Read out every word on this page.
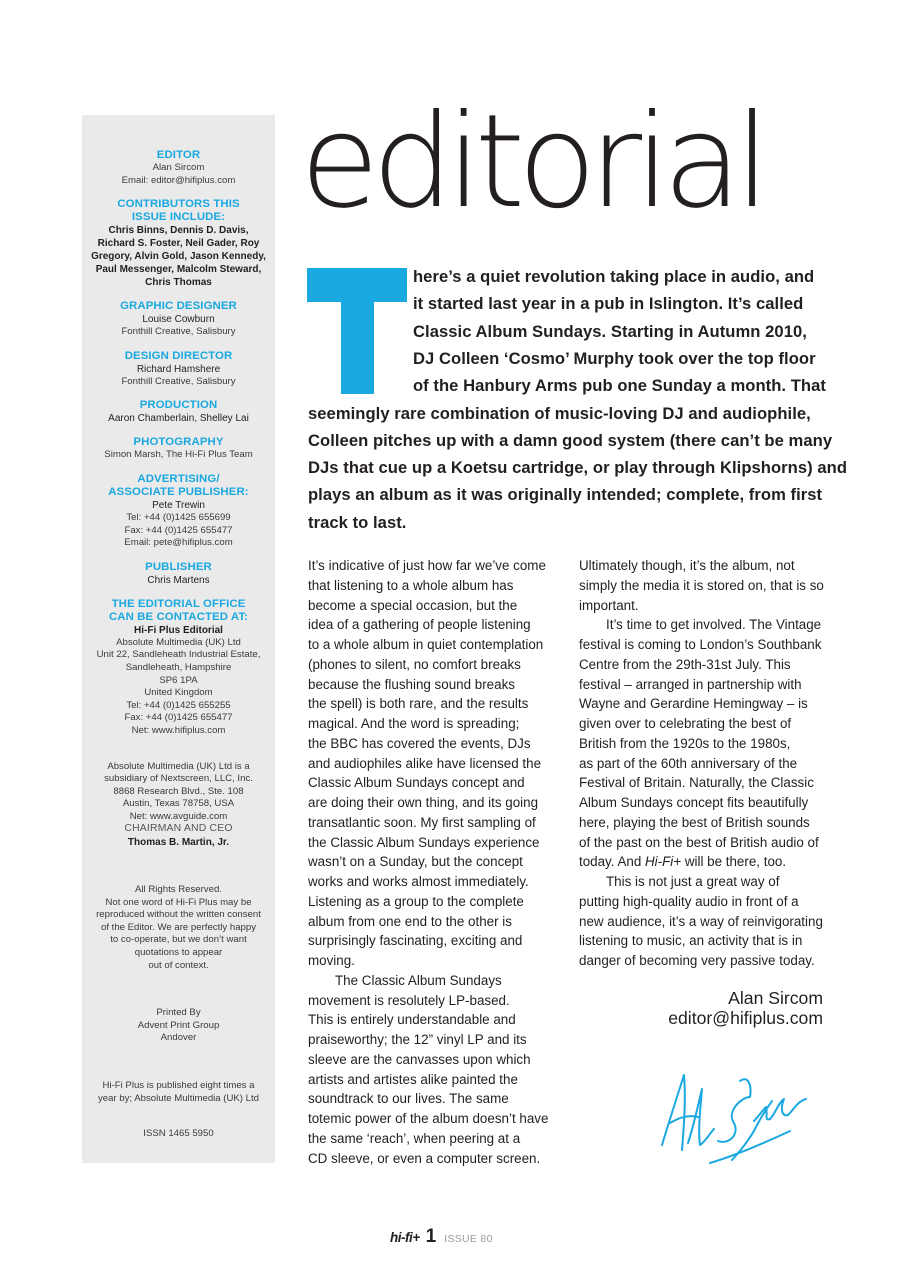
EDITOR
Alan Sircom
Email: editor@hifiplus.com
CONTRIBUTORS THIS
ISSUE INCLUDE:
Chris Binns, Dennis D. Davis,
Richard S. Foster, Neil Gader, Roy
Gregory, Alvin Gold, Jason Kennedy,
Paul Messenger, Malcolm Steward,
Chris Thomas
GRAPHIC DESIGNER
Louise Cowburn
Fonthill Creative, Salisbury
DESIGN DIRECTOR
Richard Hamshere
Fonthill Creative, Salisbury
PRODUCTION
Aaron Chamberlain, Shelley Lai
PHOTOGRAPHY
Simon Marsh, The Hi-Fi Plus Team
ADVERTISING/
ASSOCIATE PUBLISHER:
Pete Trewin
Tel: +44 (0)1425 655699
Fax: +44 (0)1425 655477
Email: pete@hifiplus.com
PUBLISHER
Chris Martens
THE EDITORIAL OFFICE
CAN BE CONTACTED AT:
Hi-Fi Plus Editorial
Absolute Multimedia (UK) Ltd
Unit 22, Sandleheath Industrial Estate,
Sandleheath, Hampshire
SP6 1PA
United Kingdom
Tel: +44 (0)1425 655255
Fax: +44 (0)1425 655477
Net: www.hifiplus.com
Absolute Multimedia (UK) Ltd is a
subsidiary of Nextscreen, LLC, Inc.
8868 Research Blvd., Ste. 108
Austin, Texas 78758, USA
Net: www.avguide.com
CHAIRMAN AND CEO
Thomas B. Martin, Jr.
All Rights Reserved.
Not one word of Hi-Fi Plus may be
reproduced without the written consent
of the Editor. We are perfectly happy
to co-operate, but we don’t want
quotations to appear
out of context.
Printed By
Advent Print Group
Andover
Hi-Fi Plus is published eight times a
year by; Absolute Multimedia (UK) Ltd
ISSN 1465 5950
editorial
here’s a quiet revolution taking place in audio, and
it started last year in a pub in Islington. It’s called
Classic Album Sundays. Starting in Autumn 2010,
DJ Colleen ‘Cosmo’ Murphy took over the top floor
of the Hanbury Arms pub one Sunday a month. That
seemingly rare combination of music-loving DJ and audiophile,
Colleen pitches up with a damn good system (there can’t be many
DJs that cue up a Koetsu cartridge, or play through Klipshorns) and
plays an album as it was originally intended; complete, from first
track to last.
It’s indicative of just how far we’ve come
that listening to a whole album has
become a special occasion, but the
idea of a gathering of people listening
to a whole album in quiet contemplation
(phones to silent, no comfort breaks
because the flushing sound breaks
the spell) is both rare, and the results
magical. And the word is spreading;
the BBC has covered the events, DJs
and audiophiles alike have licensed the
Classic Album Sundays concept and
are doing their own thing, and its going
transatlantic soon. My first sampling of
the Classic Album Sundays experience
wasn’t on a Sunday, but the concept
works and works almost immediately.
Listening as a group to the complete
album from one end to the other is
surprisingly fascinating, exciting and
moving.
The Classic Album Sundays
movement is resolutely LP-based.
This is entirely understandable and
praiseworthy; the 12” vinyl LP and its
sleeve are the canvasses upon which
artists and artistes alike painted the
soundtrack to our lives. The same
totemic power of the album doesn’t have
the same ‘reach’, when peering at a
CD sleeve, or even a computer screen.
Ultimately though, it’s the album, not
simply the media it is stored on, that is so
important.
It’s time to get involved. The Vintage
festival is coming to London’s Southbank
Centre from the 29th-31st July. This
festival – arranged in partnership with
Wayne and Gerardine Hemingway – is
given over to celebrating the best of
British from the 1920s to the 1980s,
as part of the 60th anniversary of the
Festival of Britain. Naturally, the Classic
Album Sundays concept fits beautifully
here, playing the best of British sounds
of the past on the best of British audio of
today. And Hi-Fi+ will be there, too.
This is not just a great way of
putting high-quality audio in front of a
new audience, it’s a way of reinvigorating
listening to music, an activity that is in
danger of becoming very passive today.
Alan Sircom
editor@hifiplus.com
hi-fi+ 1 ISSUE 80
